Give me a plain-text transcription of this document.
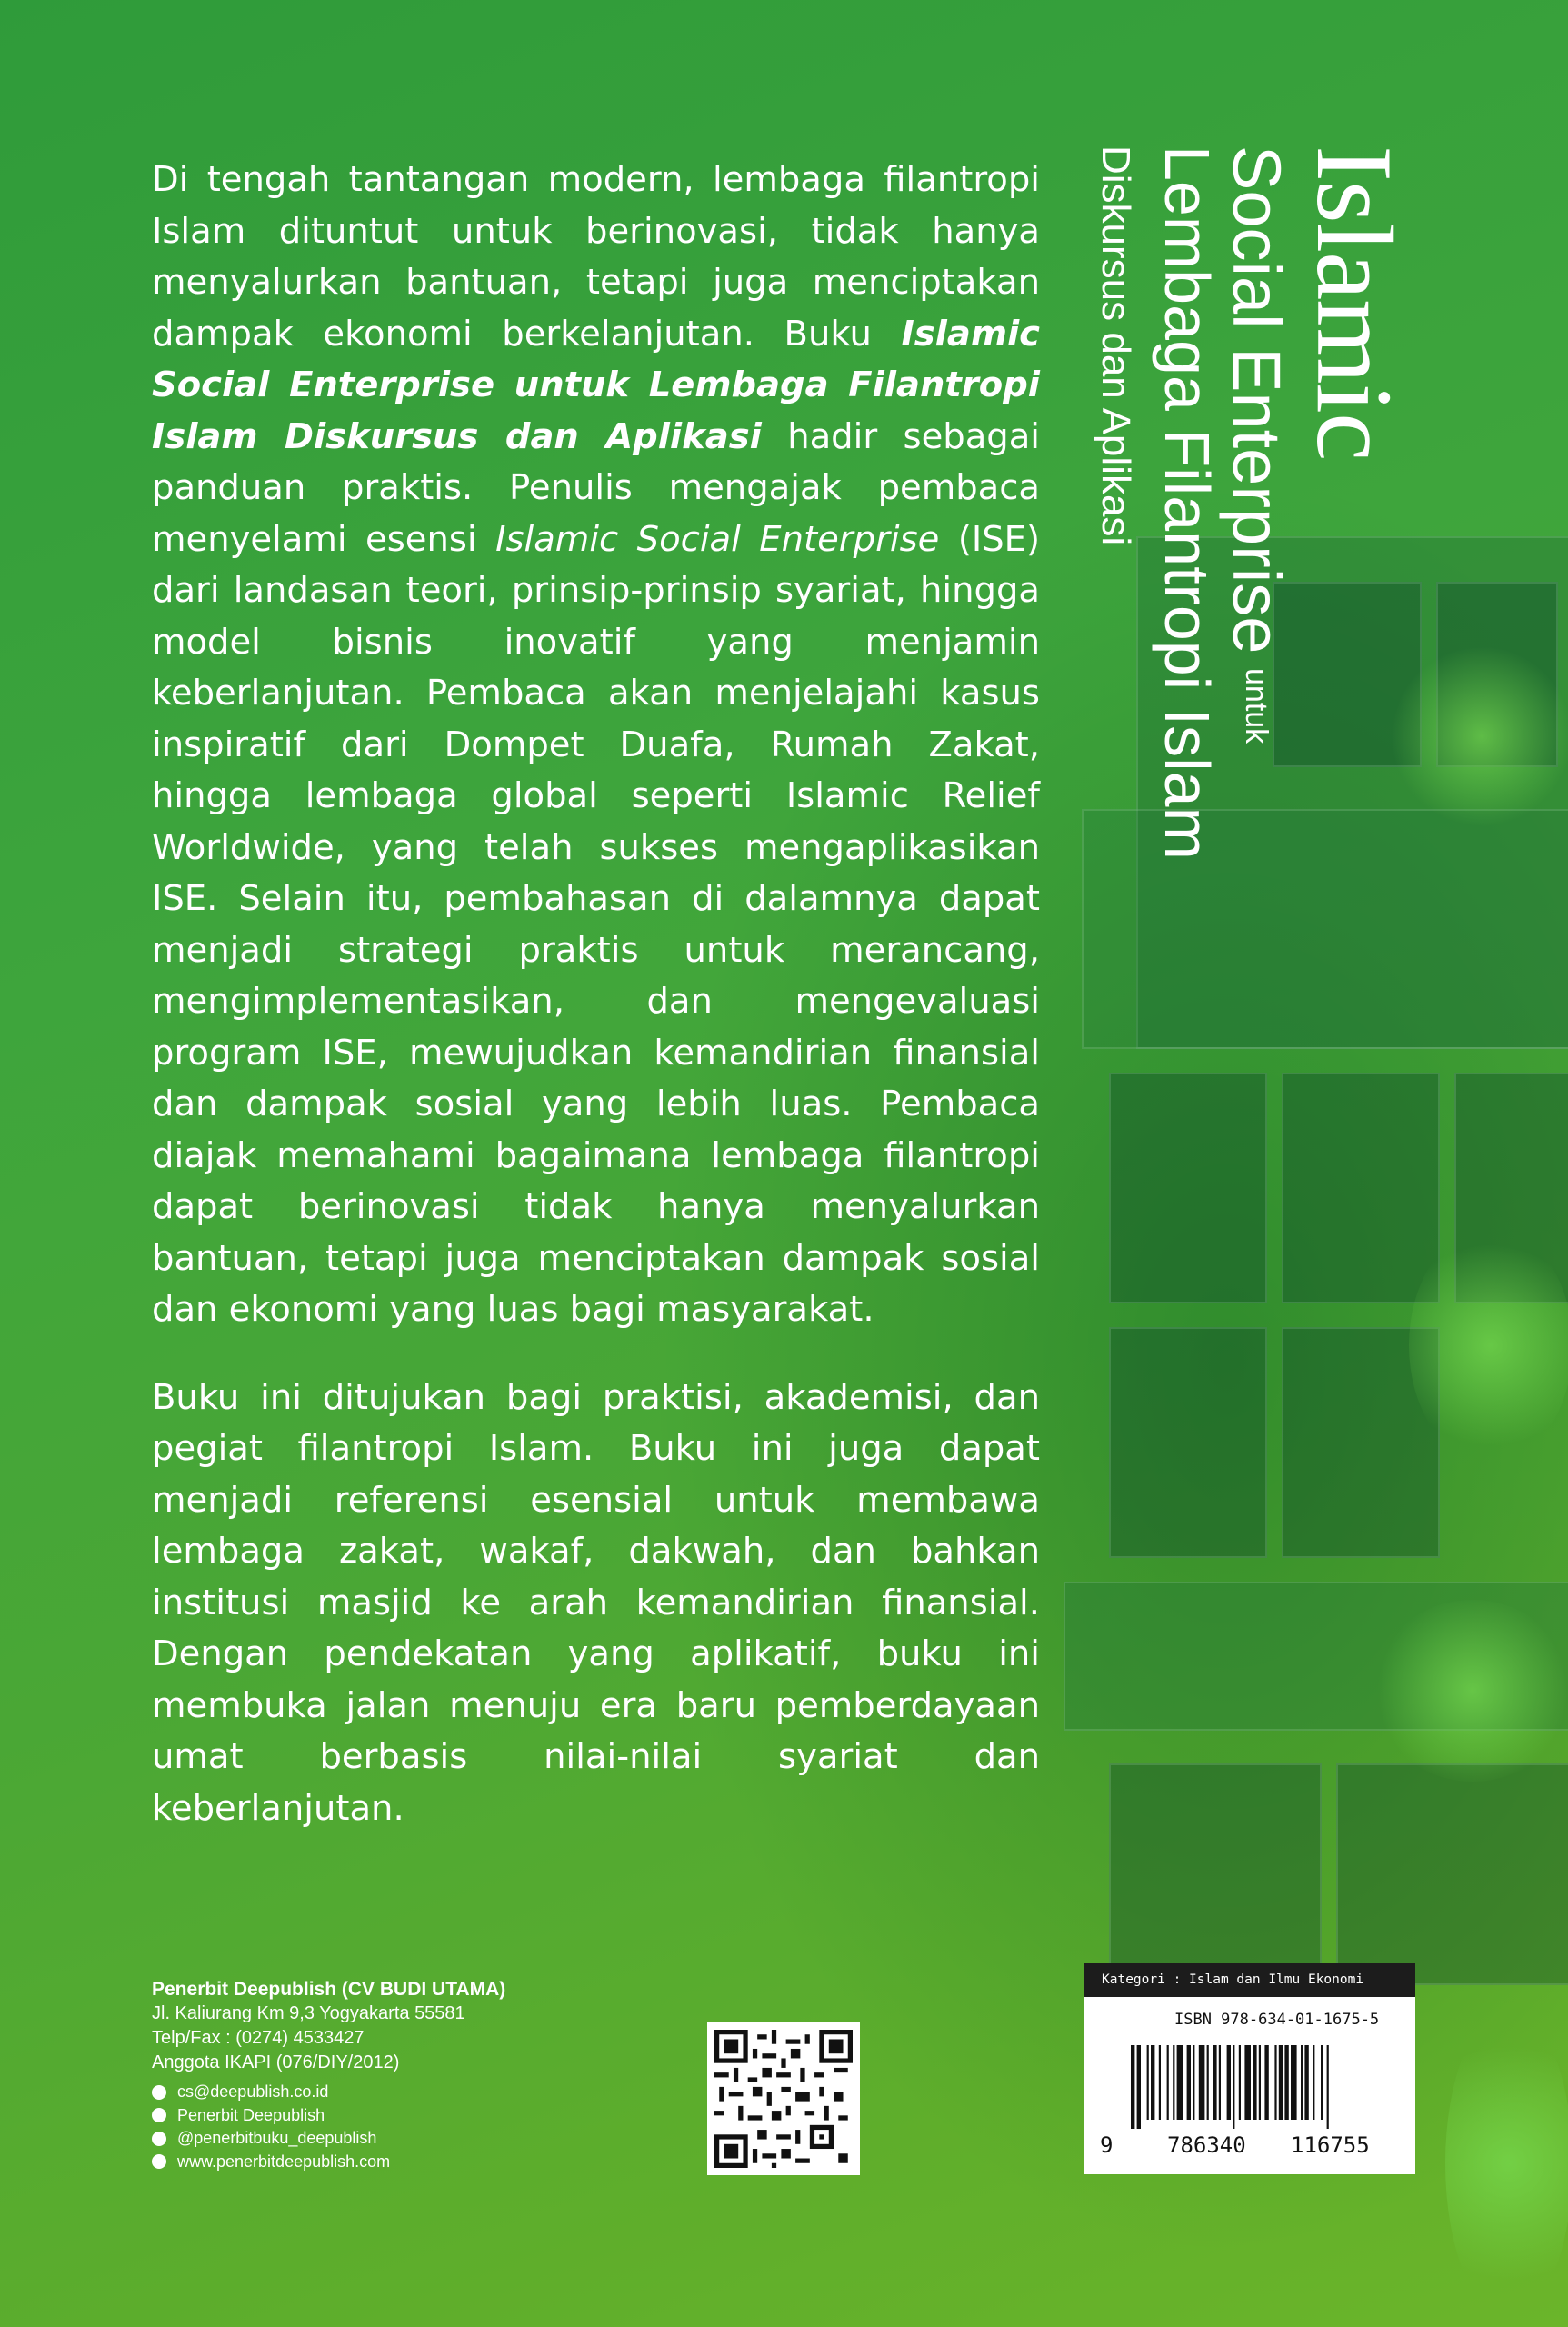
Islamic
Social Enterpriseuntuk
Lembaga Filantropi Islam
Diskursus dan Aplikasi

Di tengah tantangan modern, lembaga filantropi Islam dituntut untuk berinovasi, tidak hanya menyalurkan bantuan, tetapi juga menciptakan dampak ekonomi berkelanjutan. Buku Islamic Social Enterprise untuk Lembaga Filantropi Islam Diskursus dan Aplikasi hadir sebagai panduan praktis. Penulis mengajak pembaca menyelami esensi Islamic Social Enterprise (ISE) dari landasan teori, prinsip-prinsip syariat, hingga model bisnis inovatif yang menjamin keberlanjutan. Pembaca akan menjelajahi kasus inspiratif dari Dompet Duafa, Rumah Zakat, hingga lembaga global seperti Islamic Relief Worldwide, yang telah sukses mengaplikasikan ISE. Selain itu, pembahasan di dalamnya dapat menjadi strategi praktis untuk merancang, mengimplementasikan, dan mengevaluasi program ISE, mewujudkan kemandirian finansial dan dampak sosial yang lebih luas. Pembaca diajak memahami bagaimana lembaga filantropi dapat berinovasi tidak hanya menyalurkan bantuan, tetapi juga menciptakan dampak sosial dan ekonomi yang luas bagi masyarakat.

Buku ini ditujukan bagi praktisi, akademisi, dan pegiat filantropi Islam. Buku ini juga dapat menjadi referensi esensial untuk membawa lembaga zakat, wakaf, dakwah, dan bahkan institusi masjid ke arah kemandirian finansial. Dengan pendekatan yang aplikatif, buku ini membuka jalan menuju era baru pemberdayaan umat berbasis nilai-nilai syariat dan keberlanjutan.

Penerbit Deepublish (CV BUDI UTAMA)
Jl. Kaliurang Km 9,3 Yogyakarta 55581
Telp/Fax : (0274) 4533427
Anggota IKAPI (076/DIY/2012)
cs@deepublish.co.id
Penerbit Deepublish
@penerbitbuku_deepublish
www.penerbitdeepublish.com
Kategori : Islam dan Ilmu Ekonomi
ISBN 978-634-01-1675-5
9 786340 116755
